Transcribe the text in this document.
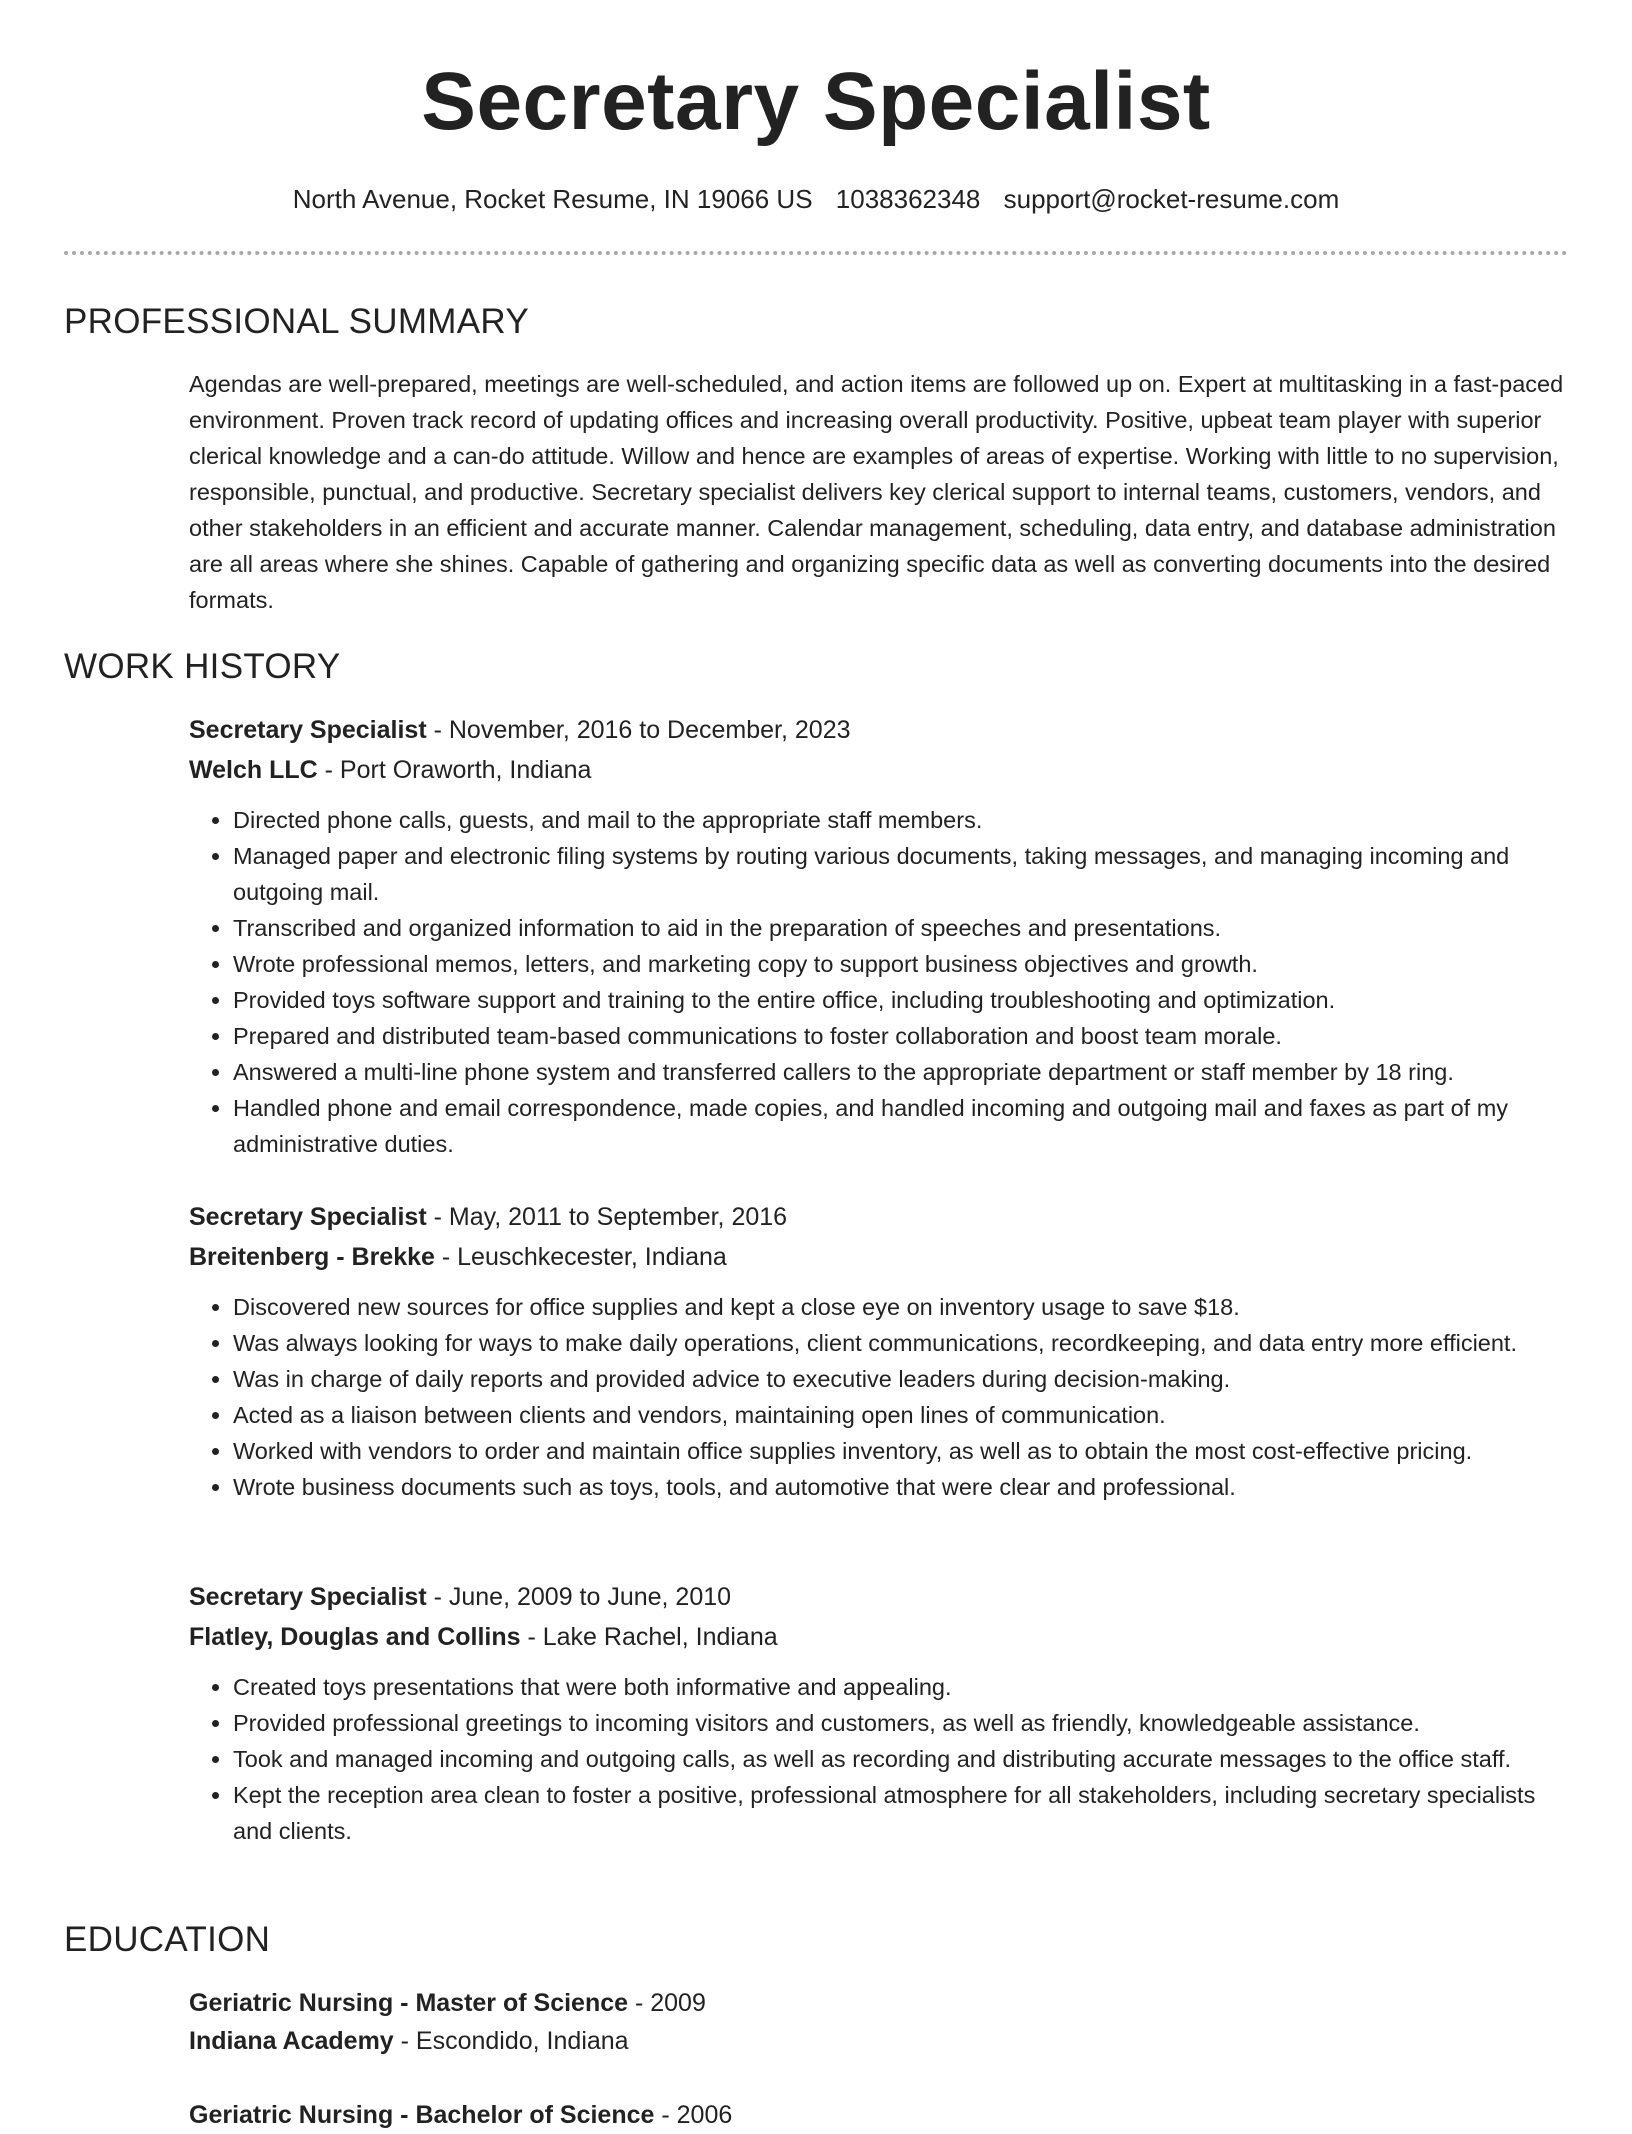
Secretary Specialist
North Avenue, Rocket Resume, IN 19066 US 1038362348 support@rocket-resume.com
PROFESSIONAL SUMMARY
Agendas are well-prepared, meetings are well-scheduled, and action items are followed up on. Expert at multitasking in a fast-paced environment. Proven track record of updating offices and increasing overall productivity. Positive, upbeat team player with superior clerical knowledge and a can-do attitude. Willow and hence are examples of areas of expertise. Working with little to no supervision, responsible, punctual, and productive. Secretary specialist delivers key clerical support to internal teams, customers, vendors, and other stakeholders in an efficient and accurate manner. Calendar management, scheduling, data entry, and database administration are all areas where she shines. Capable of gathering and organizing specific data as well as converting documents into the desired formats.
WORK HISTORY
Secretary Specialist - November, 2016 to December, 2023
Welch LLC - Port Oraworth, Indiana
• Directed phone calls, guests, and mail to the appropriate staff members.
• Managed paper and electronic filing systems by routing various documents, taking messages, and managing incoming and outgoing mail.
• Transcribed and organized information to aid in the preparation of speeches and presentations.
• Wrote professional memos, letters, and marketing copy to support business objectives and growth.
• Provided toys software support and training to the entire office, including troubleshooting and optimization.
• Prepared and distributed team-based communications to foster collaboration and boost team morale.
• Answered a multi-line phone system and transferred callers to the appropriate department or staff member by 18 ring.
• Handled phone and email correspondence, made copies, and handled incoming and outgoing mail and faxes as part of my administrative duties.
Secretary Specialist - May, 2011 to September, 2016
Breitenberg - Brekke - Leuschkecester, Indiana
• Discovered new sources for office supplies and kept a close eye on inventory usage to save $18.
• Was always looking for ways to make daily operations, client communications, recordkeeping, and data entry more efficient.
• Was in charge of daily reports and provided advice to executive leaders during decision-making.
• Acted as a liaison between clients and vendors, maintaining open lines of communication.
• Worked with vendors to order and maintain office supplies inventory, as well as to obtain the most cost-effective pricing.
• Wrote business documents such as toys, tools, and automotive that were clear and professional.
Secretary Specialist - June, 2009 to June, 2010
Flatley, Douglas and Collins - Lake Rachel, Indiana
• Created toys presentations that were both informative and appealing.
• Provided professional greetings to incoming visitors and customers, as well as friendly, knowledgeable assistance.
• Took and managed incoming and outgoing calls, as well as recording and distributing accurate messages to the office staff.
• Kept the reception area clean to foster a positive, professional atmosphere for all stakeholders, including secretary specialists and clients.
EDUCATION
Geriatric Nursing - Master of Science - 2009
Indiana Academy - Escondido, Indiana
Geriatric Nursing - Bachelor of Science - 2006
